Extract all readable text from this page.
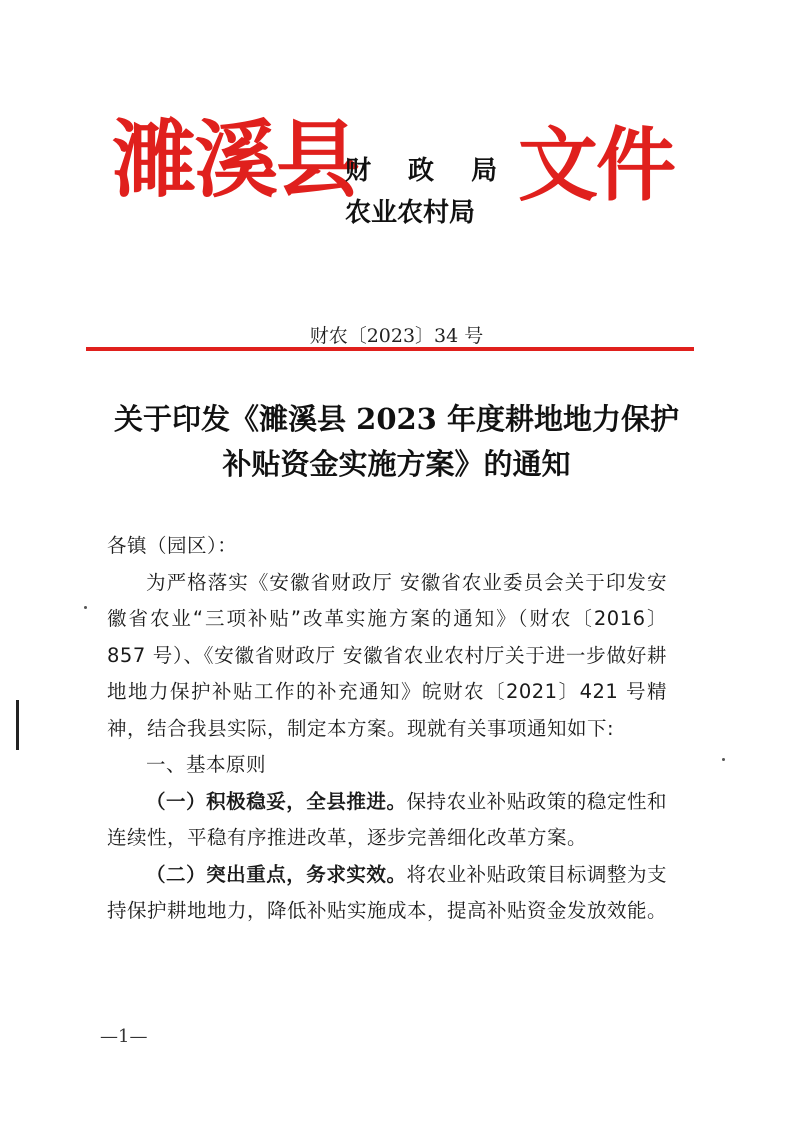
濉溪县
财 政 局
农业农村局
文件
财农〔2023〕34 号
关于印发《濉溪县 2023 年度耕地地力保护
补贴资金实施方案》的通知

各镇（园区）：

为严格落实《安徽省财政厅 安徽省农业委员会关于印发安徽省农业“三项补贴”改革实施方案的通知》（财农〔2016〕857 号）、《安徽省财政厅 安徽省农业农村厅关于进一步做好耕地地力保护补贴工作的补充通知》皖财农〔2021〕421 号精神，结合我县实际，制定本方案。现就有关事项通知如下:

一、基本原则

（一）积极稳妥，全县推进。保持农业补贴政策的稳定性和连续性，平稳有序推进改革，逐步完善细化改革方案。

（二）突出重点，务求实效。将农业补贴政策目标调整为支持保护耕地地力，降低补贴实施成本，提高补贴资金发放效能。

—1—
